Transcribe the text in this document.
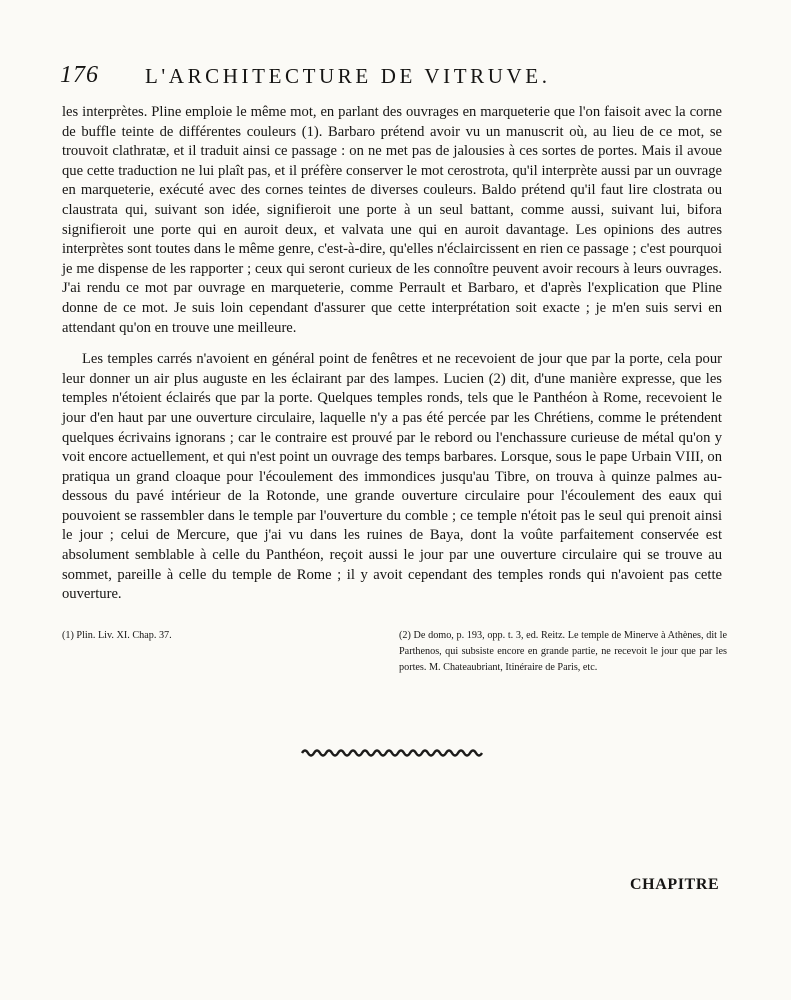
176 L'ARCHITECTURE DE VITRUVE.

les interprètes. Pline emploie le même mot, en parlant des ouvrages en marqueterie que l'on faisoit avec la corne de buffle teinte de différentes couleurs (1). Barbaro prétend avoir vu un manuscrit où, au lieu de ce mot, se trouvoit clathratæ, et il traduit ainsi ce passage : on ne met pas de jalousies à ces sortes de portes. Mais il avoue que cette traduction ne lui plaît pas, et il préfère conserver le mot cerostrota, qu'il interprète aussi par un ouvrage en marqueterie, exécuté avec des cornes teintes de diverses couleurs. Baldo prétend qu'il faut lire clostrata ou claustrata qui, suivant son idée, signifieroit une porte à un seul battant, comme aussi, suivant lui, bifora signifieroit une porte qui en auroit deux, et valvata une qui en auroit davantage. Les opinions des autres interprètes sont toutes dans le même genre, c'est-à-dire, qu'elles n'éclaircissent en rien ce passage ; c'est pourquoi je me dispense de les rapporter ; ceux qui seront curieux de les connoître peuvent avoir recours à leurs ouvrages. J'ai rendu ce mot par ouvrage en marqueterie, comme Perrault et Barbaro, et d'après l'explication que Pline donne de ce mot. Je suis loin cependant d'assurer que cette interprétation soit exacte ; je m'en suis servi en attendant qu'on en trouve une meilleure.

Les temples carrés n'avoient en général point de fenêtres et ne recevoient de jour que par la porte, cela pour leur donner un air plus auguste en les éclairant par des lampes. Lucien (2) dit, d'une manière expresse, que les temples n'étoient éclairés que par la porte. Quelques temples ronds, tels que le Panthéon à Rome, recevoient le jour d'en haut par une ouverture circulaire, laquelle n'y a pas été percée par les Chrétiens, comme le prétendent quelques écrivains ignorans ; car le contraire est prouvé par le rebord ou l'enchassure curieuse de métal qu'on y voit encore actuellement, et qui n'est point un ouvrage des temps barbares. Lorsque, sous le pape Urbain VIII, on pratiqua un grand cloaque pour l'écoulement des immondices jusqu'au Tibre, on trouva à quinze palmes au-dessous du pavé intérieur de la Rotonde, une grande ouverture circulaire pour l'écoulement des eaux qui pouvoient se rassembler dans le temple par l'ouverture du comble ; ce temple n'étoit pas le seul qui prenoit ainsi le jour ; celui de Mercure, que j'ai vu dans les ruines de Baya, dont la voûte parfaitement conservée est absolument semblable à celle du Panthéon, reçoit aussi le jour par une ouverture circulaire qui se trouve au sommet, pareille à celle du temple de Rome ; il y avoit cependant des temples ronds qui n'avoient pas cette ouverture.

(1) Plin. Liv. XI. Chap. 37.	(2) De domo, p. 193, opp. t. 3, ed. Reitz. Le temple de Minerve à Athènes, dit le Parthenos, qui subsiste encore en grande partie, ne recevoit le jour que par les portes. M. Chateaubriant, Itinéraire de Paris, etc.

CHAPITRE
